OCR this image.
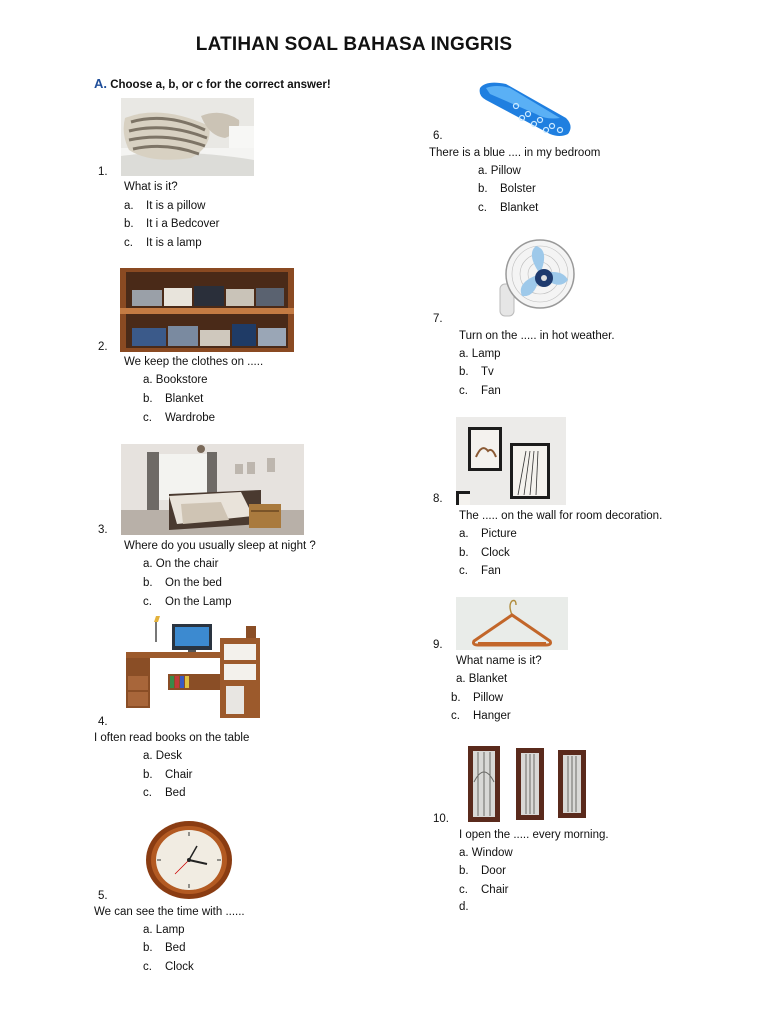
LATIHAN SOAL BAHASA INGGRIS
A. Choose a, b, or c for the correct answer!
1.
What is it?
a. It is a pillow
b. It i a Bedcover
c. It is a lamp
2.
We keep the clothes on .....
a. Bookstore
b. Blanket
c. Wardrobe
3.
Where do you usually sleep at night ?
a. On the chair
b. On the bed
c. On the Lamp
4.
I often read books on the table
a. Desk
b. Chair
c. Bed
5.
We can see the time with ......
a. Lamp
b. Bed
c. Clock
6.
There is a blue .... in my bedroom
a. Pillow
b. Bolster
c. Blanket
7.
Turn on the ..... in hot weather.
a. Lamp
b. Tv
c. Fan
8.
The ..... on the wall for room decoration.
a. Picture
b. Clock
c. Fan
9.
What name is it?
a. Blanket
b. Pillow
c. Hanger
10.
I open the ..... every morning.
a. Window
b. Door
c. Chair
d.
